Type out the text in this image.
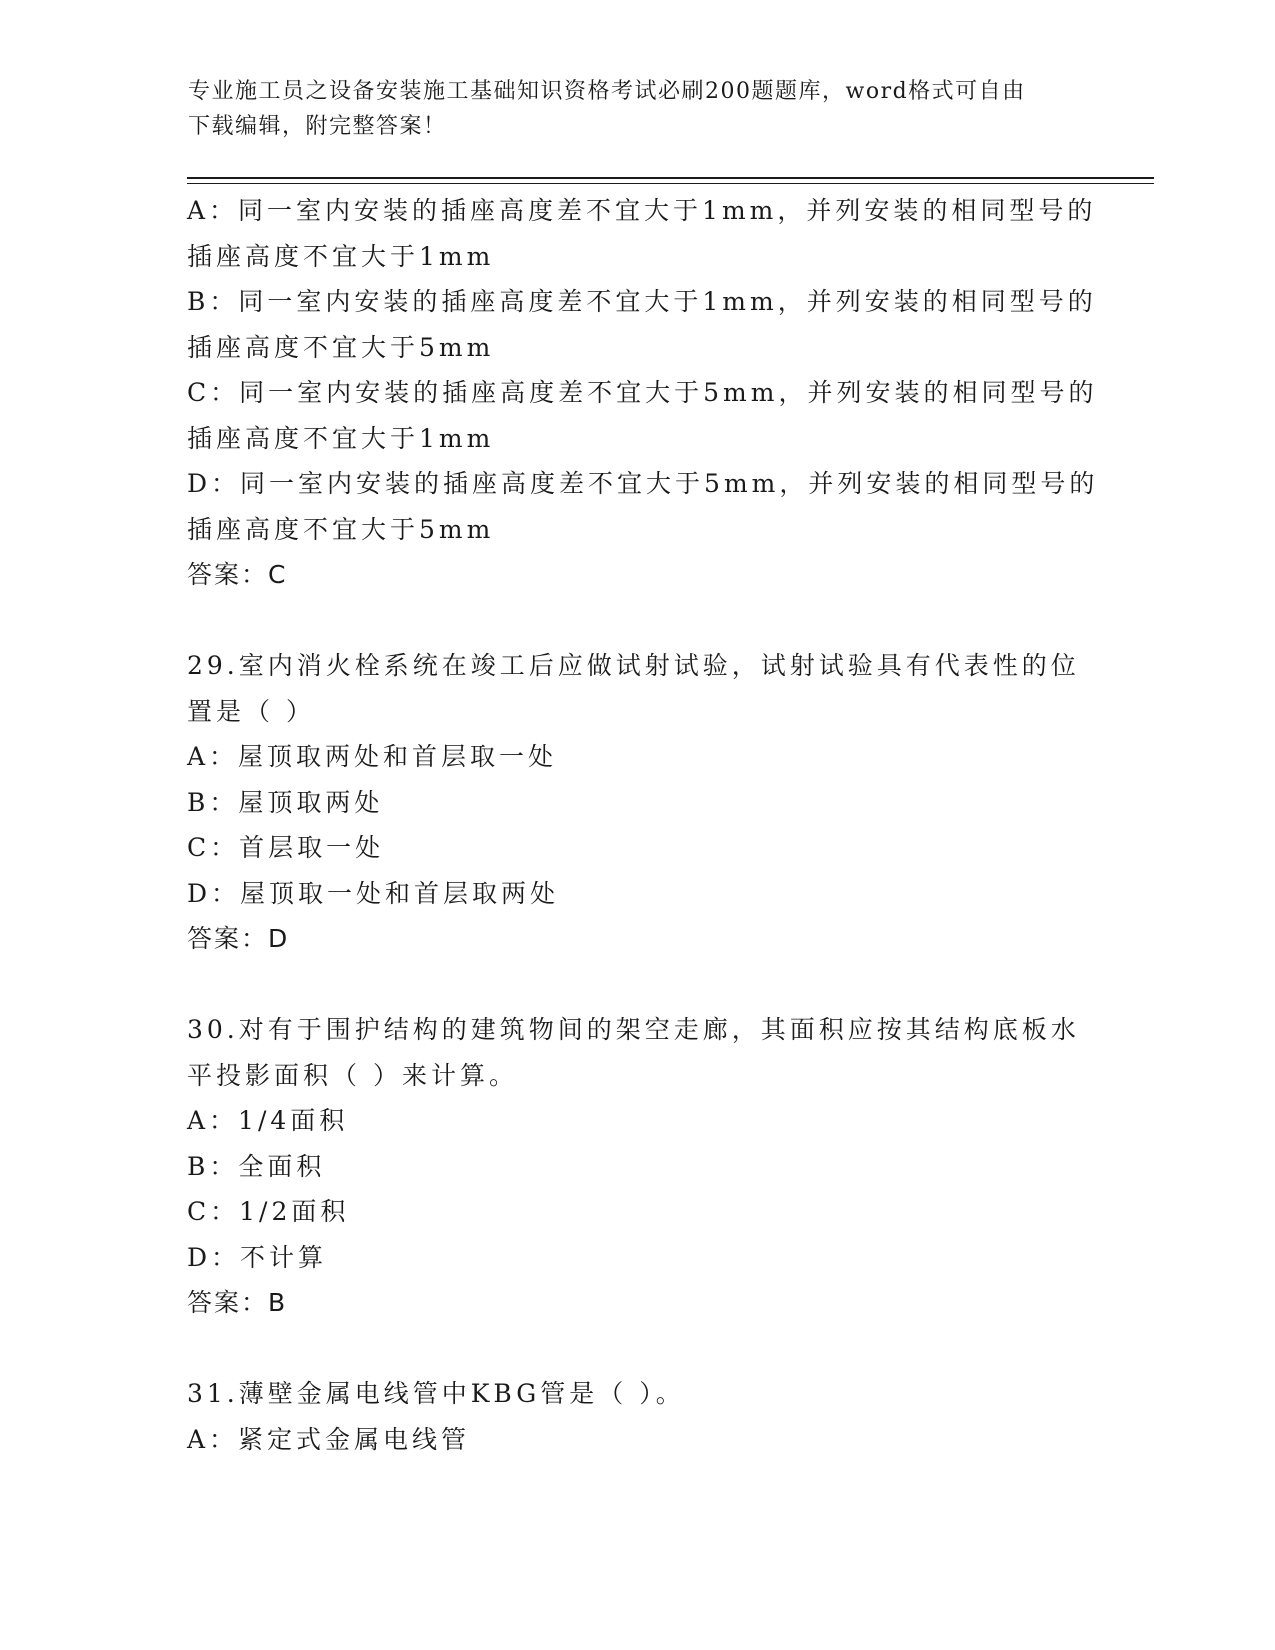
专业施工员之设备安装施工基础知识资格考试必刷200题题库，word格式可自由
下载编辑，附完整答案！
A：同一室内安装的插座高度差不宜大于1mm，并列安装的相同型号的
插座高度不宜大于1mm
B：同一室内安装的插座高度差不宜大于1mm，并列安装的相同型号的
插座高度不宜大于5mm
C：同一室内安装的插座高度差不宜大于5mm，并列安装的相同型号的
插座高度不宜大于1mm
D：同一室内安装的插座高度差不宜大于5mm，并列安装的相同型号的
插座高度不宜大于5mm
答案：C
29.室内消火栓系统在竣工后应做试射试验，试射试验具有代表性的位
置是（ ）
A：屋顶取两处和首层取一处
B：屋顶取两处
C：首层取一处
D：屋顶取一处和首层取两处
答案：D
30.对有于围护结构的建筑物间的架空走廊，其面积应按其结构底板水
平投影面积（ ）来计算。
A：1/4面积
B：全面积
C：1/2面积
D：不计算
答案：B
31.薄壁金属电线管中KBG管是（ ）。
A：紧定式金属电线管
